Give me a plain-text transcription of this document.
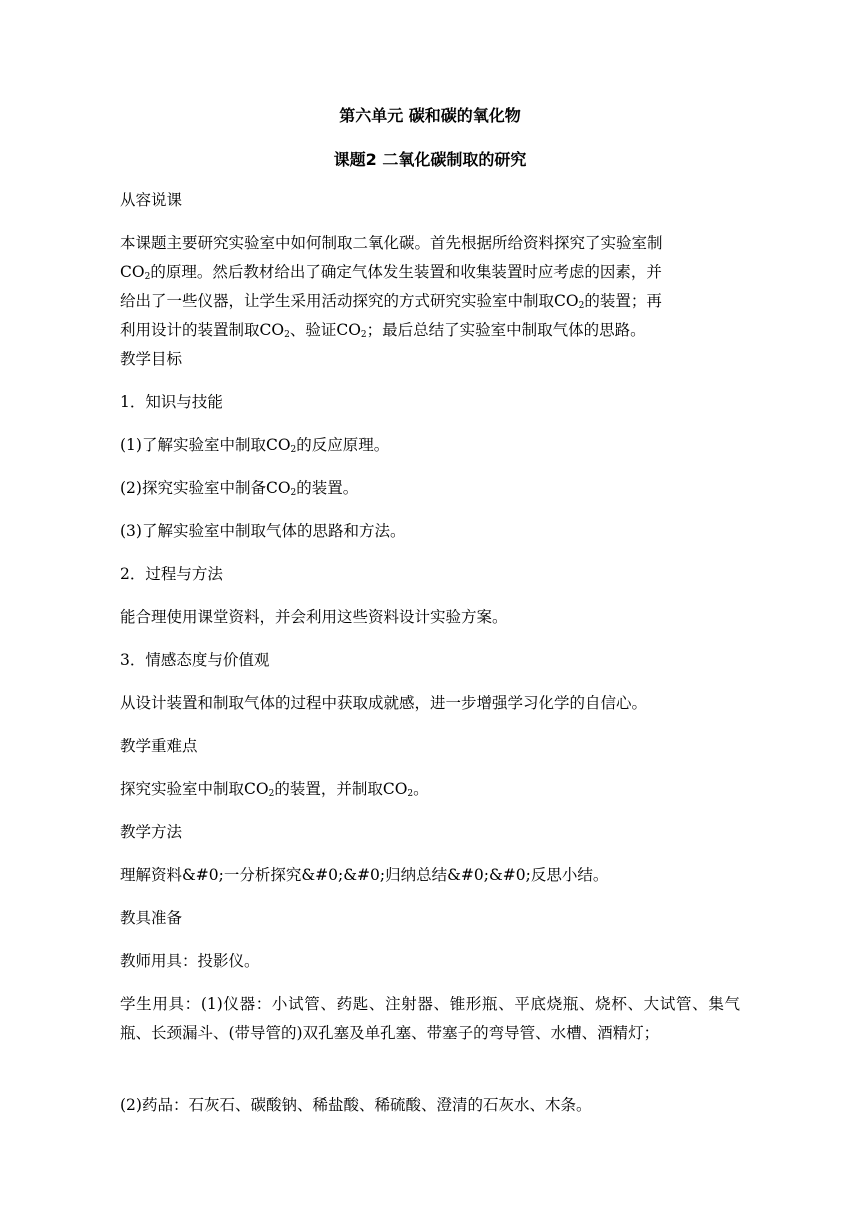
第六单元 碳和碳的氧化物
课题2 二氧化碳制取的研究
从容说课
本课题主要研究实验室中如何制取二氧化碳。首先根据所给资料探究了实验室制
$CO_2$的原理。然后教材给出了确定气体发生装置和收集装置时应考虑的因素，并
给出了一些仪器，让学生采用活动探究的方式研究实验室中制取$CO_2$的装置；再
利用设计的装置制取$CO_2$、验证$CO_2$；最后总结了实验室中制取气体的思路。
教学目标
1．知识与技能
(1)了解实验室中制取$CO_2$的反应原理。
(2)探究实验室中制备$CO_2$的装置。
(3)了解实验室中制取气体的思路和方法。
2．过程与方法
能合理使用课堂资料，并会利用这些资料设计实验方案。
3．情感态度与价值观
从设计装置和制取气体的过程中获取成就感，进一步增强学习化学的自信心。
教学重难点
探究实验室中制取$CO_2$的装置，并制取$CO_2$。
教学方法
理解资料&#0;一分析探究&#0;&#0;归纳总结&#0;&#0;反思小结。
教具准备
教师用具：投影仪。
学生用具：(1)仪器：小试管、药匙、注射器、锥形瓶、平底烧瓶、烧杯、大试管、集气瓶、长颈漏斗、(带导管的)双孔塞及单孔塞、带塞子的弯导管、水槽、酒精灯；
(2)药品：石灰石、碳酸钠、稀盐酸、稀硫酸、澄清的石灰水、木条。
